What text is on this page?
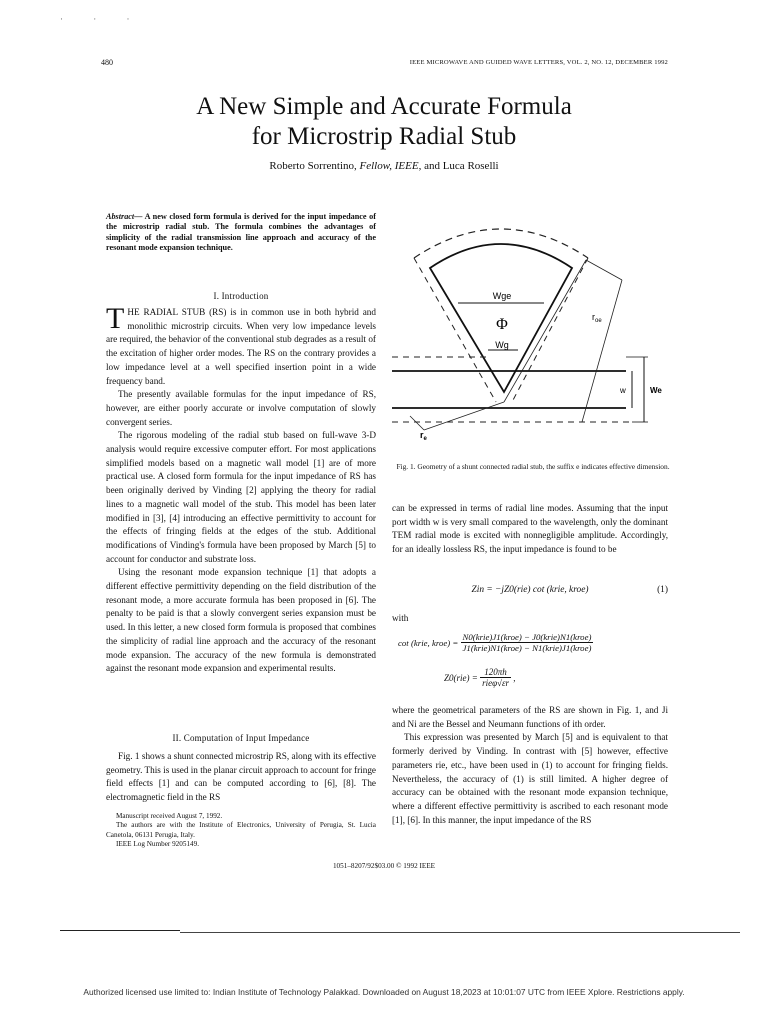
· · ·
480	IEEE MICROWAVE AND GUIDED WAVE LETTERS, VOL. 2, NO. 12, DECEMBER 1992
A New Simple and Accurate Formula
for Microstrip Radial Stub
Roberto Sorrentino, Fellow, IEEE, and Luca Roselli
Abstract— A new closed form formula is derived for the input impedance of the microstrip radial stub. The formula combines the advantages of simplicity of the radial transmission line approach and accuracy of the resonant mode expansion technique.
I. Introduction

THE RADIAL STUB (RS) is in common use in both hybrid and monolithic microstrip circuits. When very low impedance levels are required, the behavior of the conventional stub degrades as a result of the excitation of higher order modes. The RS on the contrary provides a low impedance level at a well specified insertion point in a wide frequency band.

The presently available formulas for the input impedance of RS, however, are either poorly accurate or involve computation of slowly convergent series.

The rigorous modeling of the radial stub based on full-wave 3-D analysis would require excessive computer effort. For most applications simplified models based on a magnetic wall model [1] are of more practical use. A closed form formula for the input impedance of RS has been originally derived by Vinding [2] applying the theory for radial lines to a magnetic wall model of the stub. This model has been later modified in [3], [4] introducing an effective permittivity to account for the effects of fringing fields at the edges of the stub. Additional modifications of Vinding's formula have been proposed by March [5] to account for conductor and substrate loss.

Using the resonant mode expansion technique [1] that adopts a different effective permittivity depending on the field distribution of the resonant mode, a more accurate formula has been proposed in [6]. The penalty to be paid is that a slowly convergent series expansion must be used. In this letter, a new closed form formula is proposed that combines the simplicity of radial line approach and the accuracy of the resonant mode expansion. The accuracy of the new formula is demonstrated against the resonant mode expansion and experimental results.

II. Computation of Input Impedance

Fig. 1 shows a shunt connected microstrip RS, along with its effective geometry. This is used in the planar circuit approach to account for fringe field effects [1] and can be computed according to [6], [8]. The electromagnetic field in the RS

Manuscript received August 7, 1992.
The authors are with the Institute of Electronics, University of Perugia, St. Lucia Canetola, 06131 Perugia, Italy.
IEEE Log Number 9205149.
Wge
Φ
Wg
w	We
$r_{oe}$
$r_e$
Fig. 1. Geometry of a shunt connected radial stub, the suffix e indicates effective dimension.
can be expressed in terms of radial line modes. Assuming that the input port width w is very small compared to the wavelength, only the dominant TEM radial mode is excited with nonnegligible amplitude. Accordingly, for an ideally lossless RS, the input impedance is found to be
Zin = −jZ0(rie) cot (krie, kroe)	(1)
with
cot (krie, kroe) = $\frac{\text{N0(krie)J1(kroe) − J0(krie)N1(kroe)}}{\text{J1(krie)N1(kroe) − N1(krie)J1(kroe)}}$
$Z0(rie) = \frac{120\pi h}{\text{rieφ√εr}}$ ,

where the geometrical parameters of the RS are shown in Fig. 1, and Ji and Ni are the Bessel and Neumann functions of ith order.

This expression was presented by March [5] and is equivalent to that formerly derived by Vinding. In contrast with [5] however, effective parameters rie, etc., have been used in (1) to account for fringing fields. Nevertheless, the accuracy of (1) is still limited. A higher degree of accuracy can be obtained with the resonant mode expansion technique, where a different effective permittivity is ascribed to each resonant mode [1], [6]. In this manner, the input impedance of the RS

1051–8207/92$03.00 © 1992 IEEE
Authorized licensed use limited to: Indian Institute of Technology Palakkad. Downloaded on August 18,2023 at 10:01:07 UTC from IEEE Xplore. Restrictions apply.
